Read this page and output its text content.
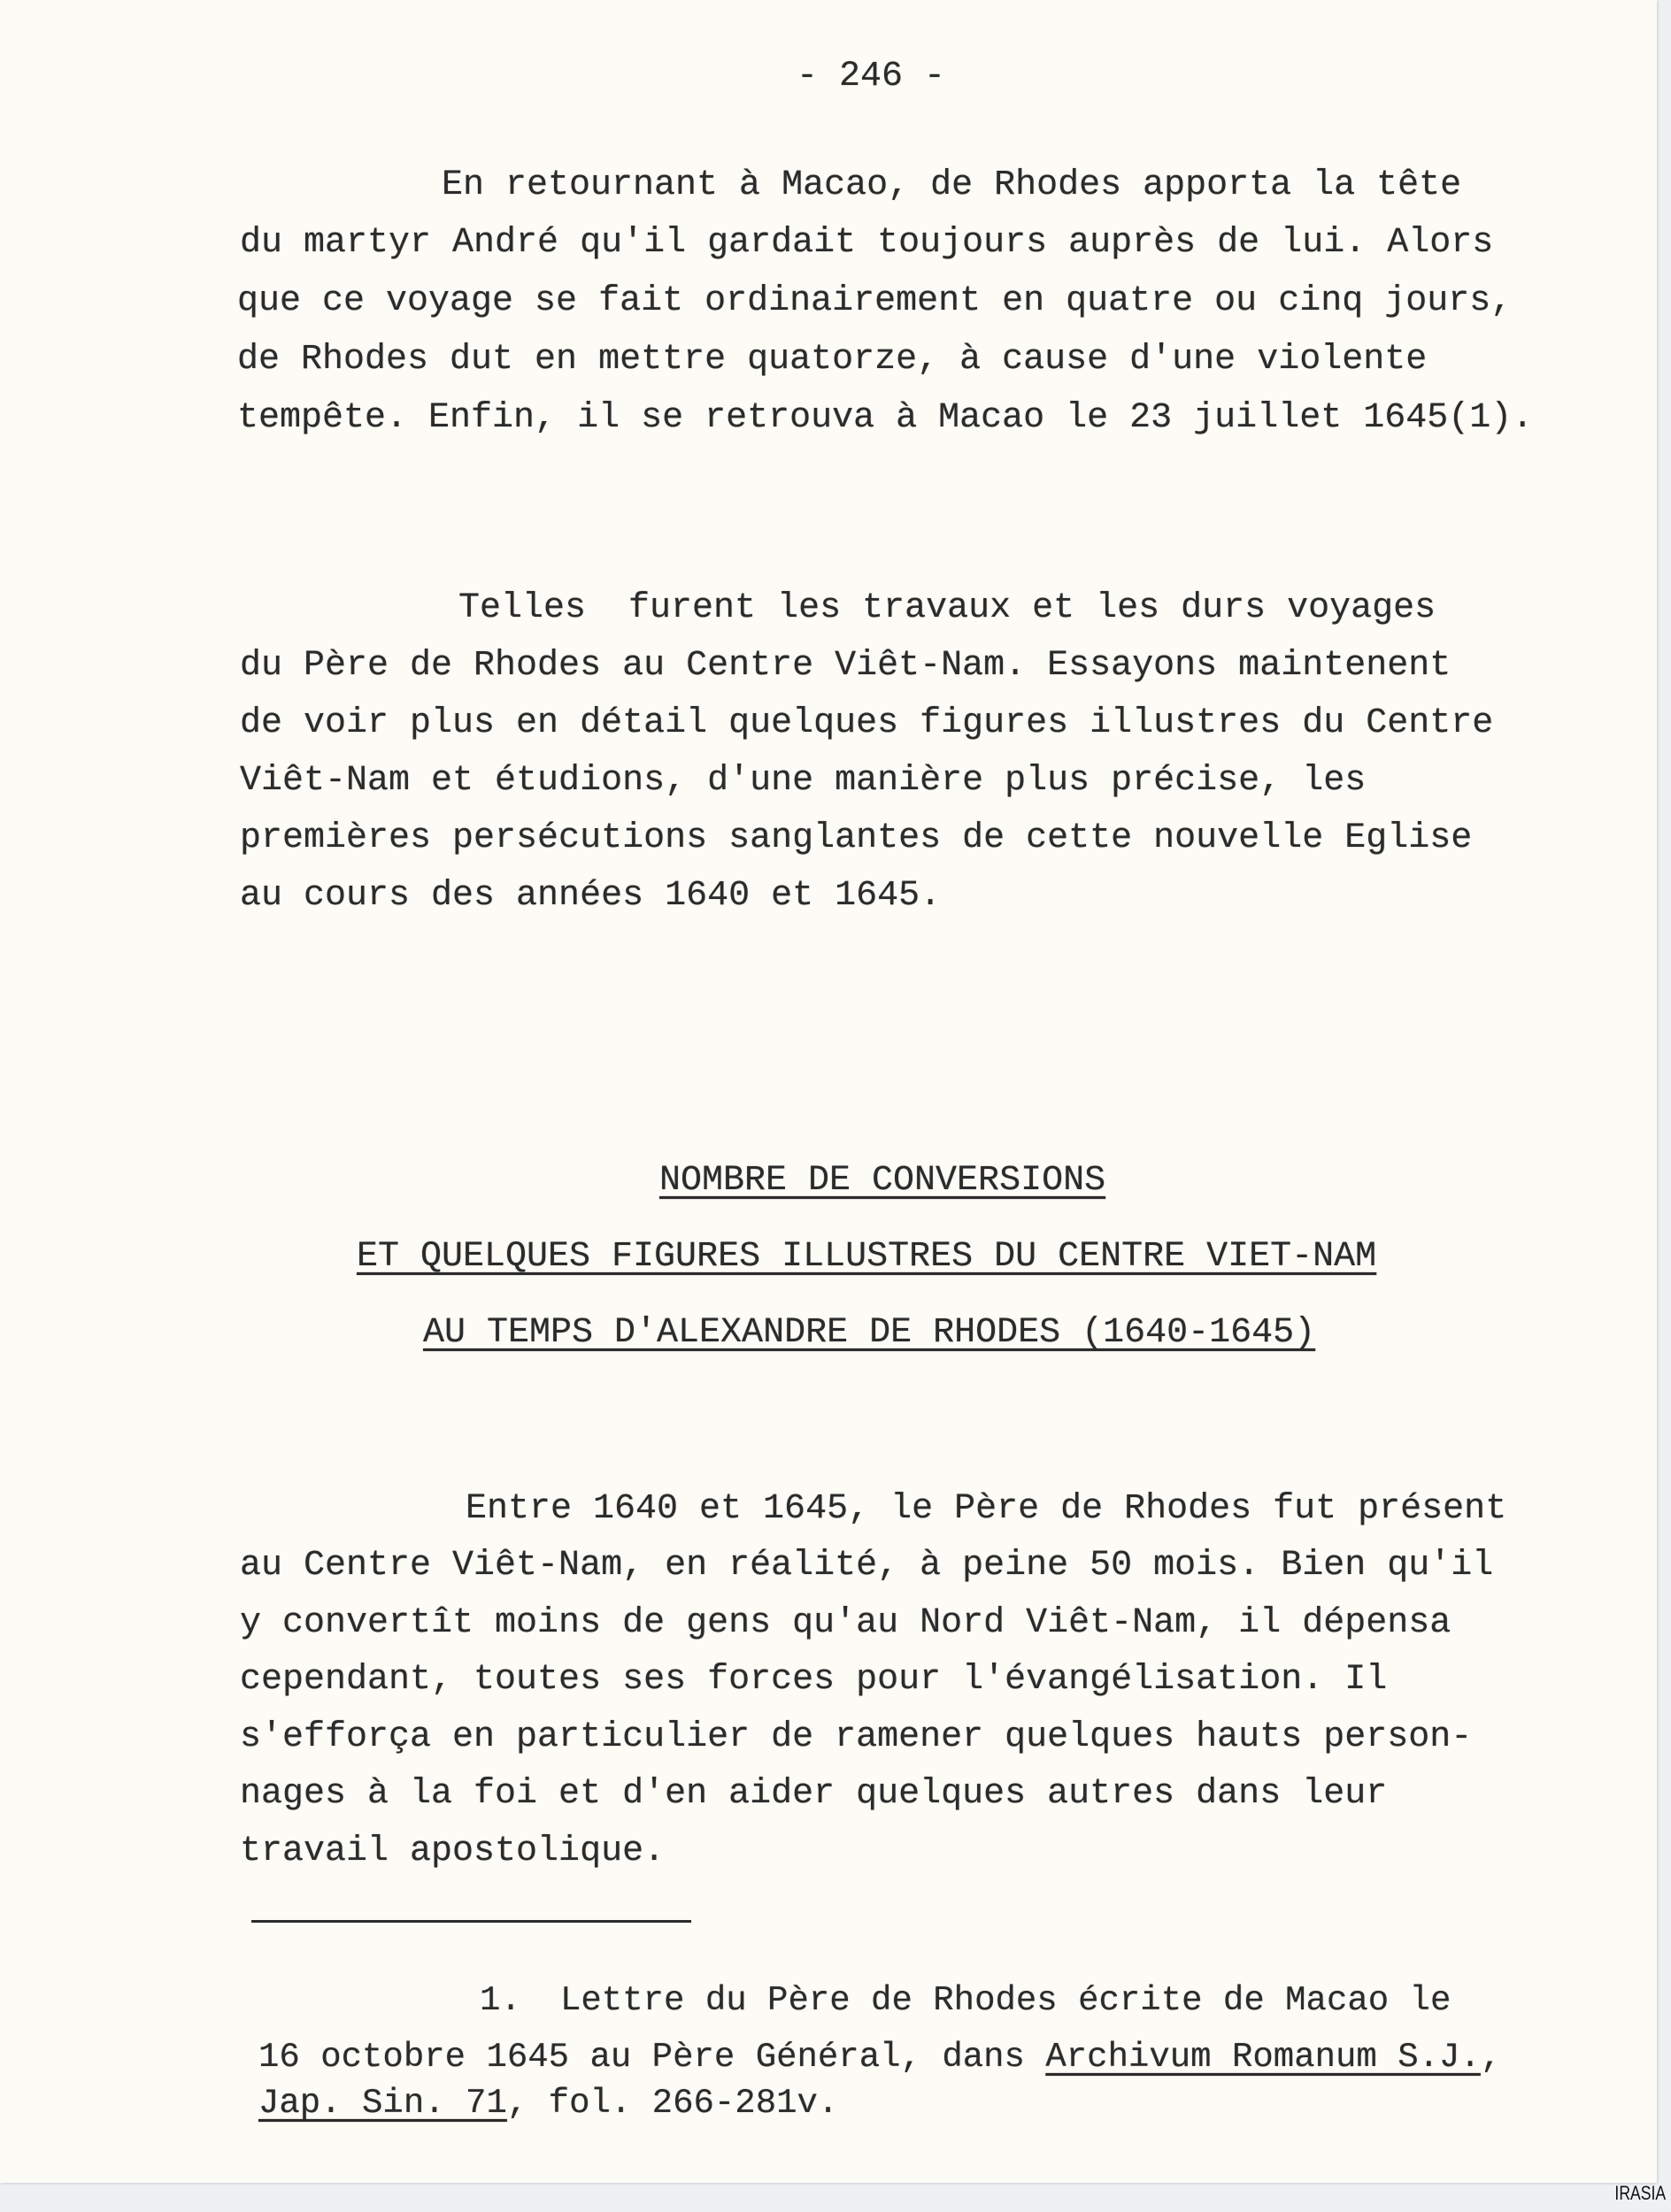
- 246 -
En retournant à Macao, de Rhodes apporta la tête
du martyr André qu'il gardait toujours auprès de lui. Alors
que ce voyage se fait ordinairement en quatre ou cinq jours,
de Rhodes dut en mettre quatorze, à cause d'une violente
tempête. Enfin, il se retrouva à Macao le 23 juillet 1645(1).
Telles  furent les travaux et les durs voyages
du Père de Rhodes au Centre Viêt-Nam. Essayons maintenent
de voir plus en détail quelques figures illustres du Centre
Viêt-Nam et étudions, d'une manière plus précise, les
premières persécutions sanglantes de cette nouvelle Eglise
au cours des années 1640 et 1645.
NOMBRE DE CONVERSIONS
ET QUELQUES FIGURES ILLUSTRES DU CENTRE VIET-NAM
AU TEMPS D'ALEXANDRE DE RHODES (1640-1645)
Entre 1640 et 1645, le Père de Rhodes fut présent
au Centre Viêt-Nam, en réalité, à peine 50 mois. Bien qu'il
y convertît moins de gens qu'au Nord Viêt-Nam, il dépensa
cependant, toutes ses forces pour l'évangélisation. Il
s'efforça en particulier de ramener quelques hauts person-
nages à la foi et d'en aider quelques autres dans leur
travail apostolique.
1. Lettre du Père de Rhodes écrite de Macao le
16 octobre 1645 au Père Général, dans Archivum Romanum S.J.,
Jap. Sin. 71, fol. 266-281v.
IRASIA
